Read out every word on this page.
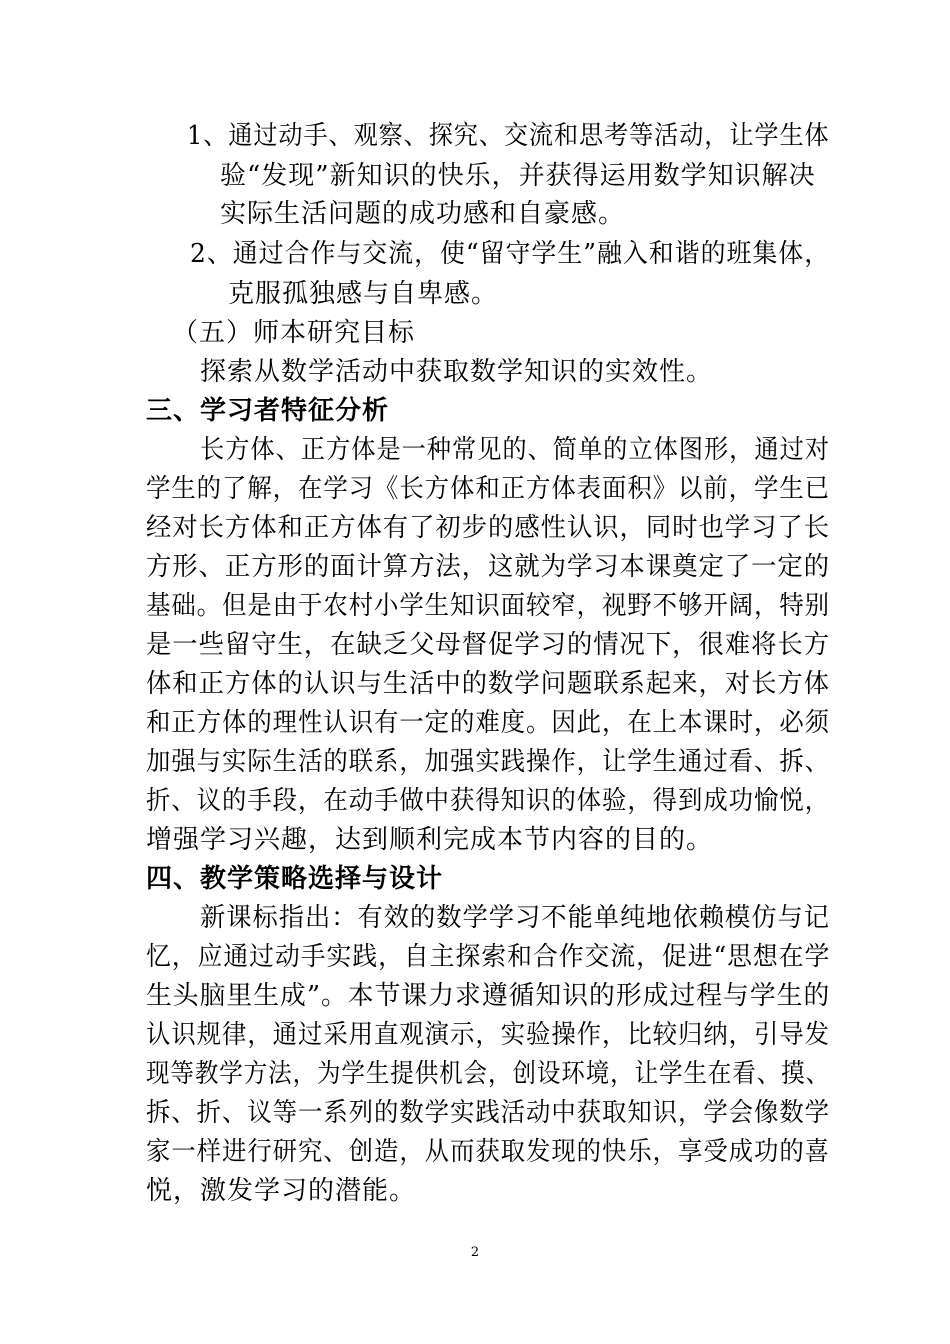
1、通过动手、观察、探究、交流和思考等活动，让学生体
验“发现”新知识的快乐，并获得运用数学知识解决
实际生活问题的成功感和自豪感。
2、通过合作与交流，使“留守学生”融入和谐的班集体，
克服孤独感与自卑感。
（五）师本研究目标
探索从数学活动中获取数学知识的实效性。
三、学习者特征分析
长方体、正方体是一种常见的、简单的立体图形，通过对
学生的了解，在学习《长方体和正方体表面积》以前，学生已
经对长方体和正方体有了初步的感性认识，同时也学习了长
方形、正方形的面计算方法，这就为学习本课奠定了一定的
基础。但是由于农村小学生知识面较窄，视野不够开阔，特别
是一些留守生，在缺乏父母督促学习的情况下，很难将长方
体和正方体的认识与生活中的数学问题联系起来，对长方体
和正方体的理性认识有一定的难度。因此，在上本课时，必须
加强与实际生活的联系，加强实践操作，让学生通过看、拆、
折、议的手段，在动手做中获得知识的体验，得到成功愉悦，
增强学习兴趣，达到顺利完成本节内容的目的。
四、教学策略选择与设计
新课标指出：有效的数学学习不能单纯地依赖模仿与记
忆，应通过动手实践，自主探索和合作交流，促进“思想在学
生头脑里生成”。本节课力求遵循知识的形成过程与学生的
认识规律，通过采用直观演示，实验操作，比较归纳，引导发
现等教学方法，为学生提供机会，创设环境，让学生在看、摸、
拆、折、议等一系列的数学实践活动中获取知识，学会像数学
家一样进行研究、创造，从而获取发现的快乐，享受成功的喜
悦，激发学习的潜能。
2
